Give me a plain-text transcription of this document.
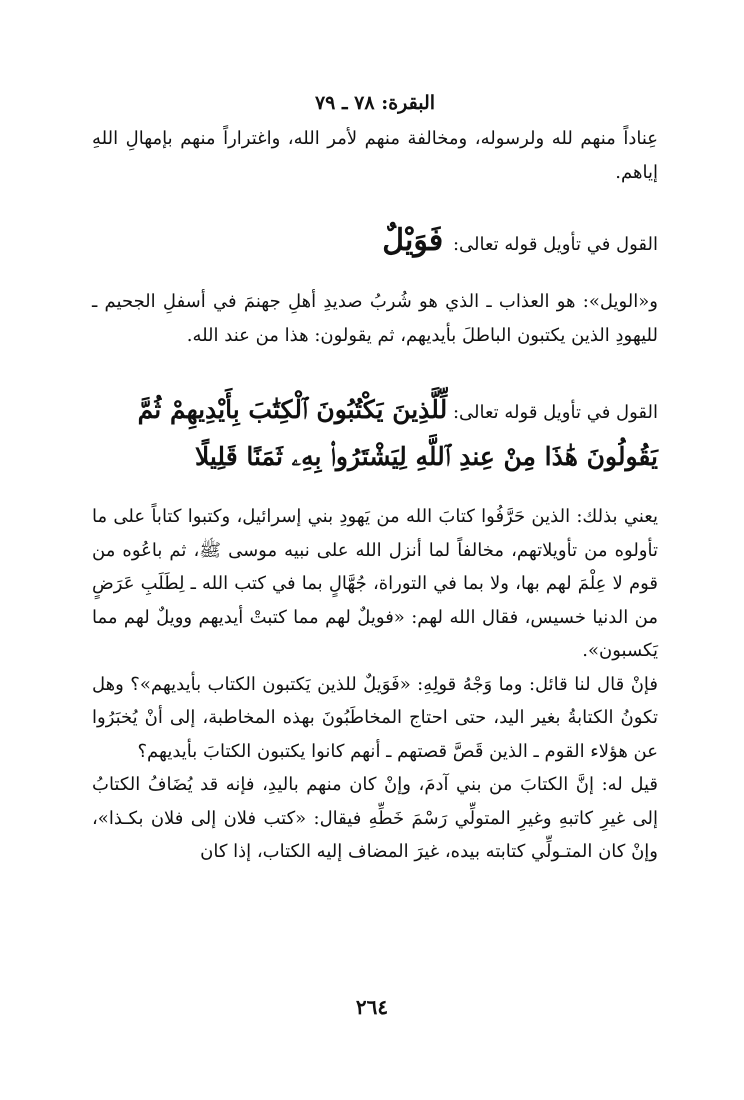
البقرة: ٧٨ ـ ٧٩

عِناداً منهم لله ولرسوله، ومخالفة منهم لأمر الله، واغتراراً منهم بإمهالِ اللهِ إياهم.

القول في تأويل قوله تعالى: فَوَيْلٌ

و«الويل»: هو العذاب ـ الذي هو شُربُ صديدِ أهلِ جهنمَ في أسفلِ الجحيم ـ لليهودِ الذين يكتبون الباطلَ بأيديهم، ثم يقولون: هذا من عند الله.

القول في تأويل قوله تعالى: لِّلَّذِينَ يَكْتُبُونَ ٱلْكِتَٰبَ بِأَيْدِيهِمْ ثُمَّ يَقُولُونَ هَٰذَا مِنْ عِندِ ٱللَّهِ لِيَشْتَرُوا۟ بِهِۦ ثَمَنًا قَلِيلًا

يعني بذلك: الذين حَرَّفُوا كتابَ الله من يَهودِ بني إسرائيل، وكتبوا كتاباً على ما تأولوه من تأويلاتهم، مخالفاً لما أنزل الله على نبيه موسى ﷺ، ثم باعُوه من قوم لا عِلْمَ لهم بها، ولا بما في التوراة، جُهَّالٍ بما في كتب الله ـ لِطَلَبِ عَرَضٍ من الدنيا خسيس، فقال الله لهم: «فويلٌ لهم مما كتبتْ أيديهم وويلٌ لهم مما يَكسبون».

فإنْ قال لنا قائل: وما وَجْهُ قولِهِ: «فَوَيلٌ للذين يَكتبون الكتاب بأيديهم»؟ وهل تكونُ الكتابةُ بغير اليد، حتى احتاج المخاطَبُونَ بهذه المخاطبة، إلى أنْ يُخبَرُوا عن هؤلاء القوم ـ الذين قَصَّ قصتهم ـ أنهم كانوا يكتبون الكتابَ بأيديهم؟

قيل له: إنَّ الكتابَ من بني آدمَ، وإنْ كان منهم باليدِ، فإنه قد يُضَافُ الكتابُ إلى غيرِ كاتبهِ وغيرِ المتولِّي رَسْمَ خَطِّهِ فيقال: «كتب فلان إلى فلان بكـذا»، وإنْ كان المتـولِّي كتابته بيده، غيرَ المضاف إليه الكتاب، إذا كان

٢٦٤
